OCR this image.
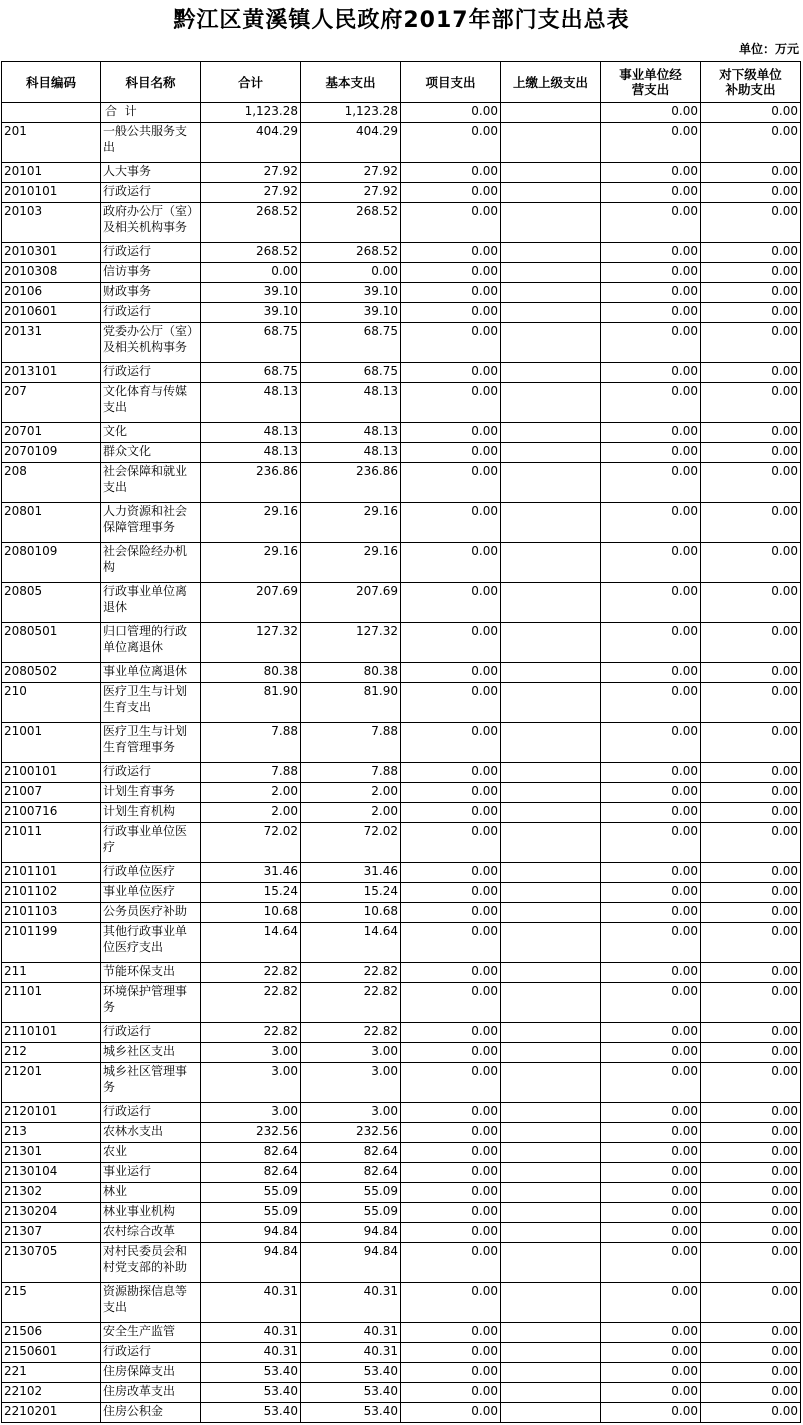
黔江区黄溪镇人民政府2017年部门支出总表
单位：万元
科目编码	科目名称	合计	基本支出	项目支出	上缴上级支出	事业单位经营支出	对下级单位补助支出
	合  计	1,123.28	1,123.28	0.00		0.00	0.00
201	一般公共服务支出	404.29	404.29	0.00		0.00	0.00
20101	人大事务	27.92	27.92	0.00		0.00	0.00
2010101	行政运行	27.92	27.92	0.00		0.00	0.00
20103	政府办公厅（室）及相关机构事务	268.52	268.52	0.00		0.00	0.00
2010301	行政运行	268.52	268.52	0.00		0.00	0.00
2010308	信访事务	0.00	0.00	0.00		0.00	0.00
20106	财政事务	39.10	39.10	0.00		0.00	0.00
2010601	行政运行	39.10	39.10	0.00		0.00	0.00
20131	党委办公厅（室）及相关机构事务	68.75	68.75	0.00		0.00	0.00
2013101	行政运行	68.75	68.75	0.00		0.00	0.00
207	文化体育与传媒支出	48.13	48.13	0.00		0.00	0.00
20701	文化	48.13	48.13	0.00		0.00	0.00
2070109	群众文化	48.13	48.13	0.00		0.00	0.00
208	社会保障和就业支出	236.86	236.86	0.00		0.00	0.00
20801	人力资源和社会保障管理事务	29.16	29.16	0.00		0.00	0.00
2080109	社会保险经办机构	29.16	29.16	0.00		0.00	0.00
20805	行政事业单位离退休	207.69	207.69	0.00		0.00	0.00
2080501	归口管理的行政单位离退休	127.32	127.32	0.00		0.00	0.00
2080502	事业单位离退休	80.38	80.38	0.00		0.00	0.00
210	医疗卫生与计划生育支出	81.90	81.90	0.00		0.00	0.00
21001	医疗卫生与计划生育管理事务	7.88	7.88	0.00		0.00	0.00
2100101	行政运行	7.88	7.88	0.00		0.00	0.00
21007	计划生育事务	2.00	2.00	0.00		0.00	0.00
2100716	计划生育机构	2.00	2.00	0.00		0.00	0.00
21011	行政事业单位医疗	72.02	72.02	0.00		0.00	0.00
2101101	行政单位医疗	31.46	31.46	0.00		0.00	0.00
2101102	事业单位医疗	15.24	15.24	0.00		0.00	0.00
2101103	公务员医疗补助	10.68	10.68	0.00		0.00	0.00
2101199	其他行政事业单位医疗支出	14.64	14.64	0.00		0.00	0.00
211	节能环保支出	22.82	22.82	0.00		0.00	0.00
21101	环境保护管理事务	22.82	22.82	0.00		0.00	0.00
2110101	行政运行	22.82	22.82	0.00		0.00	0.00
212	城乡社区支出	3.00	3.00	0.00		0.00	0.00
21201	城乡社区管理事务	3.00	3.00	0.00		0.00	0.00
2120101	行政运行	3.00	3.00	0.00		0.00	0.00
213	农林水支出	232.56	232.56	0.00		0.00	0.00
21301	农业	82.64	82.64	0.00		0.00	0.00
2130104	事业运行	82.64	82.64	0.00		0.00	0.00
21302	林业	55.09	55.09	0.00		0.00	0.00
2130204	林业事业机构	55.09	55.09	0.00		0.00	0.00
21307	农村综合改革	94.84	94.84	0.00		0.00	0.00
2130705	对村民委员会和村党支部的补助	94.84	94.84	0.00		0.00	0.00
215	资源勘探信息等支出	40.31	40.31	0.00		0.00	0.00
21506	安全生产监管	40.31	40.31	0.00		0.00	0.00
2150601	行政运行	40.31	40.31	0.00		0.00	0.00
221	住房保障支出	53.40	53.40	0.00		0.00	0.00
22102	住房改革支出	53.40	53.40	0.00		0.00	0.00
2210201	住房公积金	53.40	53.40	0.00		0.00	0.00
